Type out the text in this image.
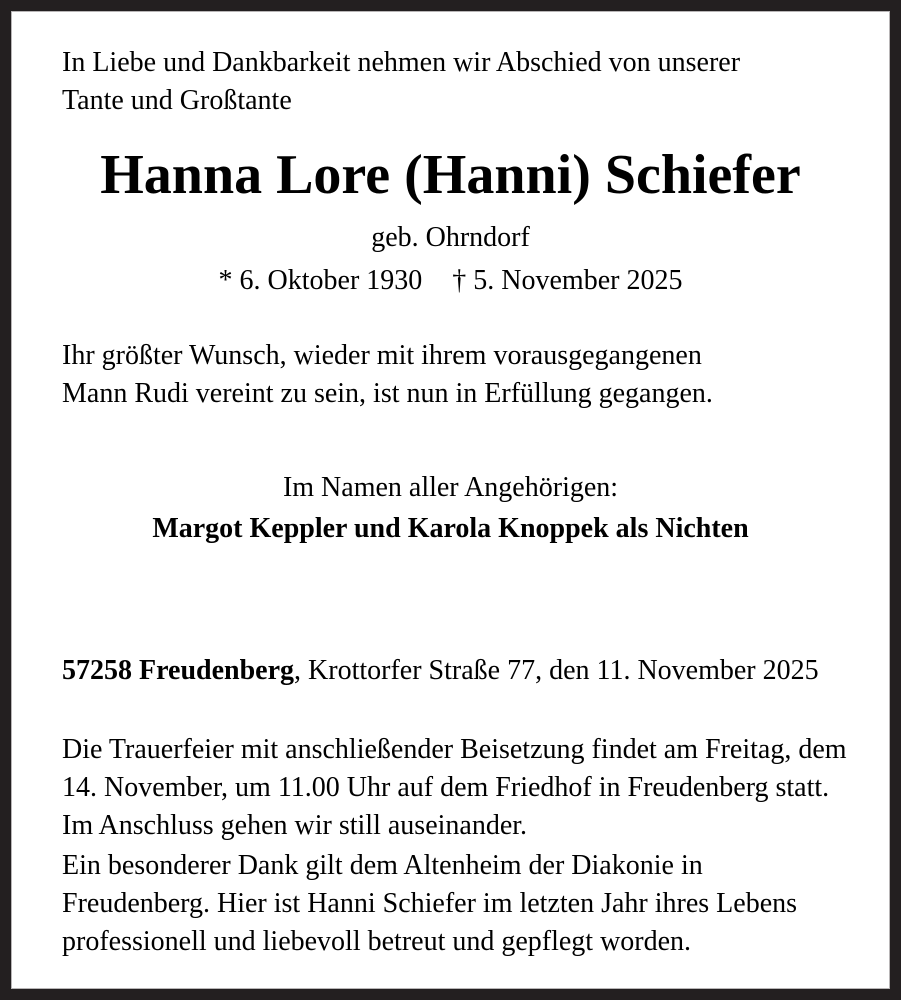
In Liebe und Dankbarkeit nehmen wir Abschied von unserer
Tante und Großtante
Hanna Lore (Hanni) Schiefer
geb. Ohrndorf
* 6. Oktober 1930 † 5. November 2025
Ihr größter Wunsch, wieder mit ihrem vorausgegangenen
Mann Rudi vereint zu sein, ist nun in Erfüllung gegangen.
Im Namen aller Angehörigen:
Margot Keppler und Karola Knoppek als Nichten
57258 Freudenberg, Krottorfer Straße 77, den 11. November 2025
Die Trauerfeier mit anschließender Beisetzung findet am Freitag, dem
14. November, um 11.00 Uhr auf dem Friedhof in Freudenberg statt.
Im Anschluss gehen wir still auseinander.
Ein besonderer Dank gilt dem Altenheim der Diakonie in
Freudenberg. Hier ist Hanni Schiefer im letzten Jahr ihres Lebens
professionell und liebevoll betreut und gepflegt worden.
